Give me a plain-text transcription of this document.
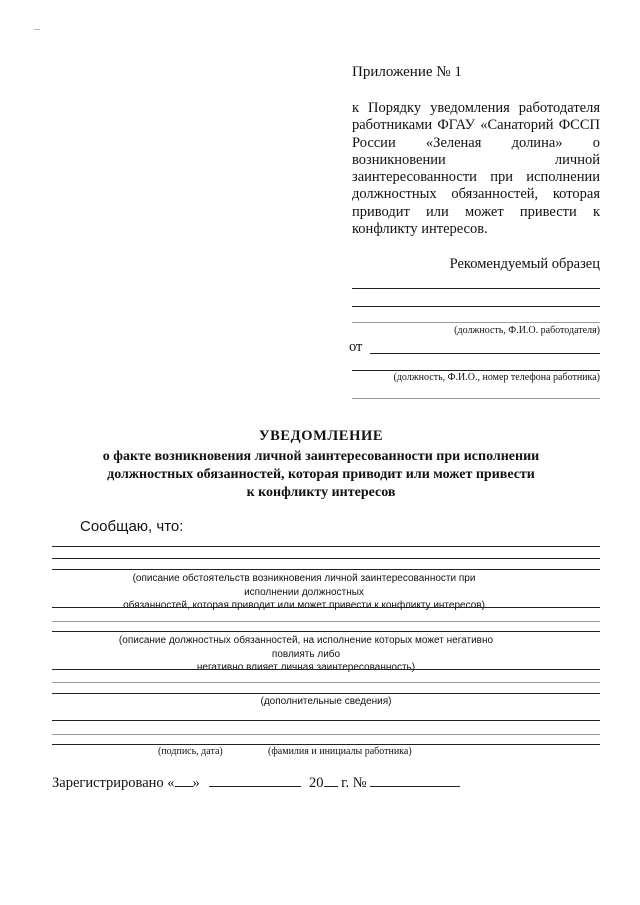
Приложение № 1
к Порядку уведомления работодателя работниками ФГАУ «Санаторий ФССП России «Зеленая долина» о возникновении личной заинтересованности при исполнении должностных обязанностей, которая приводит или может привести к конфликту интересов.
Рекомендуемый образец
(должность, Ф.И.О. работодателя)
от
(должность, Ф.И.О., номер телефона работника)
УВЕДОМЛЕНИЕ
о факте возникновения личной заинтересованности при исполнении
должностных обязанностей, которая приводит или может привести
к конфликту интересов
Сообщаю, что:
(описание обстоятельств возникновения личной заинтересованности при исполнении должностных
обязанностей, которая приводит или может привести к конфликту интересов)
(описание должностных обязанностей, на исполнение которых может негативно повлиять либо
негативно влияет личная заинтересованность)
(дополнительные сведения)
(подпись, дата)	(фамилия и инициалы работника)
Зарегистрировано « »	20 г. №
